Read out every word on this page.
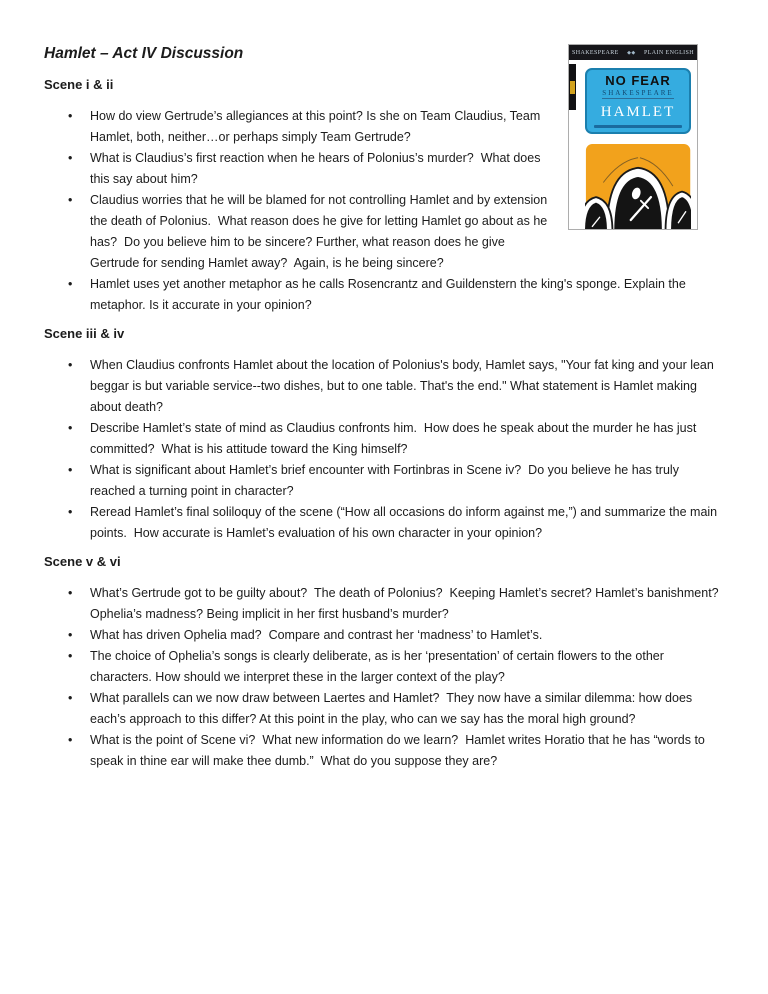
SHAKESPEARE ◆◆ PLAIN ENGLISH
NO FEAR
SHAKESPEARE
HAMLET
Hamlet – Act IV Discussion
Scene i & ii
• How do view Gertrude’s allegiances at this point? Is she on Team Claudius, Team Hamlet, both, neither…or perhaps simply Team Gertrude?
• What is Claudius’s first reaction when he hears of Polonius’s murder?  What does this say about him?
• Claudius worries that he will be blamed for not controlling Hamlet and by extension the death of Polonius.  What reason does he give for letting Hamlet go about as he has?  Do you believe him to be sincere? Further, what reason does he give Gertrude for sending Hamlet away?  Again, is he being sincere?
• Hamlet uses yet another metaphor as he calls Rosencrantz and Guildenstern the king's sponge. Explain the metaphor. Is it accurate in your opinion?
Scene iii & iv
• When Claudius confronts Hamlet about the location of Polonius's body, Hamlet says, "Your fat king and your lean beggar is but variable service--two dishes, but to one table. That's the end." What statement is Hamlet making about death?
• Describe Hamlet’s state of mind as Claudius confronts him.  How does he speak about the murder he has just committed?  What is his attitude toward the King himself?
• What is significant about Hamlet’s brief encounter with Fortinbras in Scene iv?  Do you believe he has truly reached a turning point in character?
• Reread Hamlet’s final soliloquy of the scene (“How all occasions do inform against me,”) and summarize the main points.  How accurate is Hamlet’s evaluation of his own character in your opinion?
Scene v & vi
• What’s Gertrude got to be guilty about?  The death of Polonius?  Keeping Hamlet’s secret? Hamlet’s banishment? Ophelia’s madness? Being implicit in her first husband’s murder?
• What has driven Ophelia mad?  Compare and contrast her ‘madness’ to Hamlet’s.
• The choice of Ophelia’s songs is clearly deliberate, as is her ‘presentation’ of certain flowers to the other characters. How should we interpret these in the larger context of the play?
• What parallels can we now draw between Laertes and Hamlet?  They now have a similar dilemma: how does each’s approach to this differ? At this point in the play, who can we say has the moral high ground?
• What is the point of Scene vi?  What new information do we learn?  Hamlet writes Horatio that he has “words to speak in thine ear will make thee dumb.”  What do you suppose they are?
